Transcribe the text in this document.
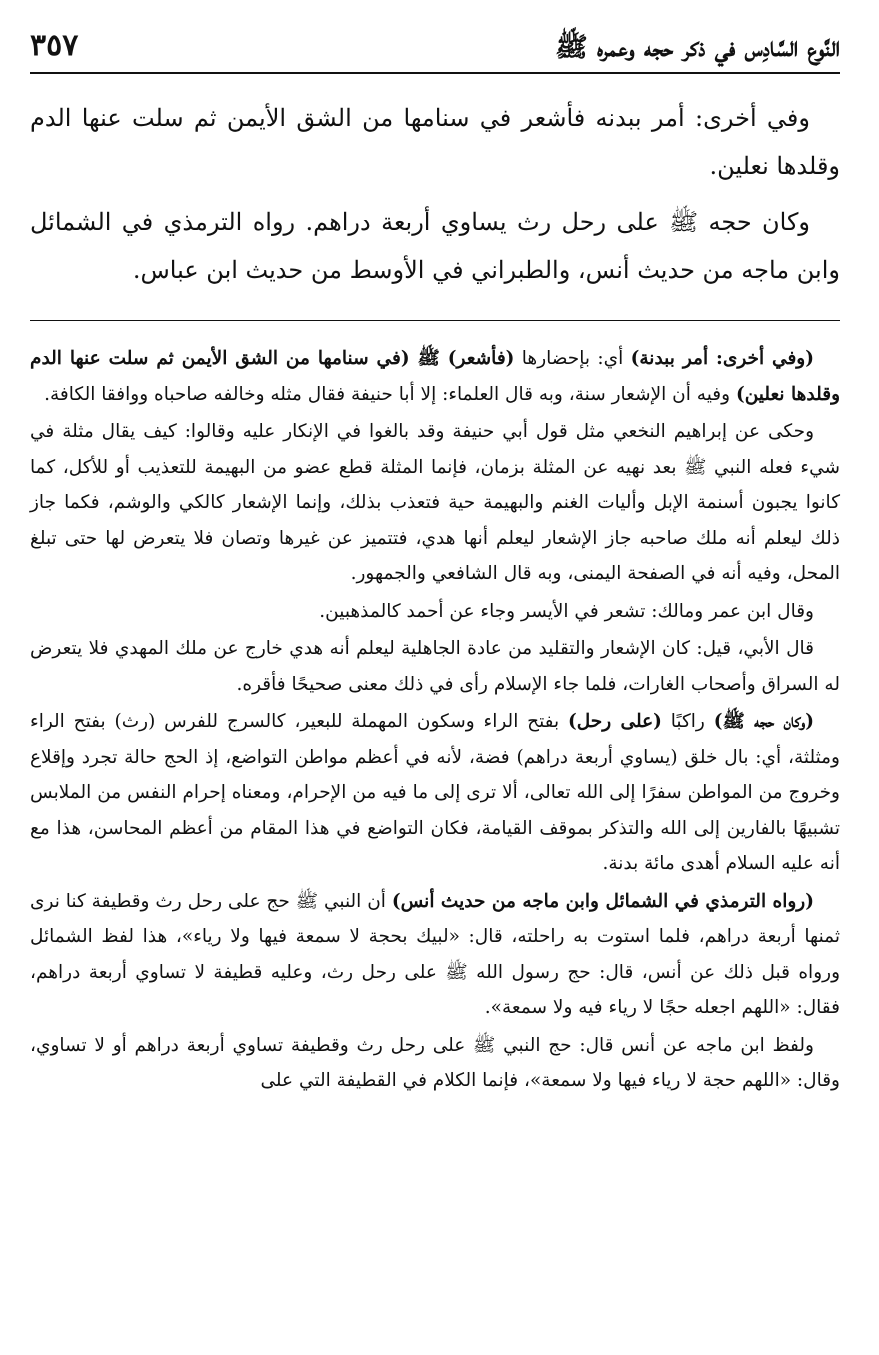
النَّوع السَّادِس في ذكر حجه وعمره ﷺ
٣٥٧

وفي أخرى: أمر ببدنه فأشعر في سنامها من الشق الأيمن ثم سلت عنها الدم وقلدها نعلين.

وكان حجه ﷺ على رحل رث يساوي أربعة دراهم. رواه الترمذي في الشمائل وابن ماجه من حديث أنس، والطبراني في الأوسط من حديث ابن عباس.

(وفي أخرى: أمر ببدنة) أي: بإحضارها (فأشعر) ﷺ (في سنامها من الشق الأيمن ثم سلت عنها الدم وقلدها نعلين) وفيه أن الإشعار سنة، وبه قال العلماء: إلا أبا حنيفة فقال مثله وخالفه صاحباه ووافقا الكافة.

وحكى عن إبراهيم النخعي مثل قول أبي حنيفة وقد بالغوا في الإنكار عليه وقالوا: كيف يقال مثلة في شيء فعله النبي ﷺ بعد نهيه عن المثلة بزمان، فإنما المثلة قطع عضو من البهيمة للتعذيب أو للأكل، كما كانوا يجبون أسنمة الإبل وأليات الغنم والبهيمة حية فتعذب بذلك، وإنما الإشعار كالكي والوشم، فكما جاز ذلك ليعلم أنه ملك صاحبه جاز الإشعار ليعلم أنها هدي، فتتميز عن غيرها وتصان فلا يتعرض لها حتى تبلغ المحل، وفيه أنه في الصفحة اليمنى، وبه قال الشافعي والجمهور.

وقال ابن عمر ومالك: تشعر في الأيسر وجاء عن أحمد كالمذهبين.

قال الأبي، قيل: كان الإشعار والتقليد من عادة الجاهلية ليعلم أنه هدي خارج عن ملك المهدي فلا يتعرض له السراق وأصحاب الغارات، فلما جاء الإسلام رأى في ذلك معنى صحيحًا فأقره.

(وكان حجه ﷺ) راكبًا (على رحل) بفتح الراء وسكون المهملة للبعير، كالسرج للفرس (رث) بفتح الراء ومثلثة، أي: بال خلق (يساوي أربعة دراهم) فضة، لأنه في أعظم مواطن التواضع، إذ الحج حالة تجرد وإقلاع وخروج من المواطن سفرًا إلى الله تعالى، ألا ترى إلى ما فيه من الإحرام، ومعناه إحرام النفس من الملابس تشبيهًا بالفارين إلى الله والتذكر بموقف القيامة، فكان التواضع في هذا المقام من أعظم المحاسن، هذا مع أنه عليه السلام أهدى مائة بدنة.

(رواه الترمذي في الشمائل وابن ماجه من حديث أنس) أن النبي ﷺ حج على رحل رث وقطيفة كنا نرى ثمنها أربعة دراهم، فلما استوت به راحلته، قال: «لبيك بحجة لا سمعة فيها ولا رياء»، هذا لفظ الشمائل ورواه قبل ذلك عن أنس، قال: حج رسول الله ﷺ على رحل رث، وعليه قطيفة لا تساوي أربعة دراهم، فقال: «اللهم اجعله حجًا لا رياء فيه ولا سمعة».

ولفظ ابن ماجه عن أنس قال: حج النبي ﷺ على رحل رث وقطيفة تساوي أربعة دراهم أو لا تساوي، وقال: «اللهم حجة لا رياء فيها ولا سمعة»، فإنما الكلام في القطيفة التي على
